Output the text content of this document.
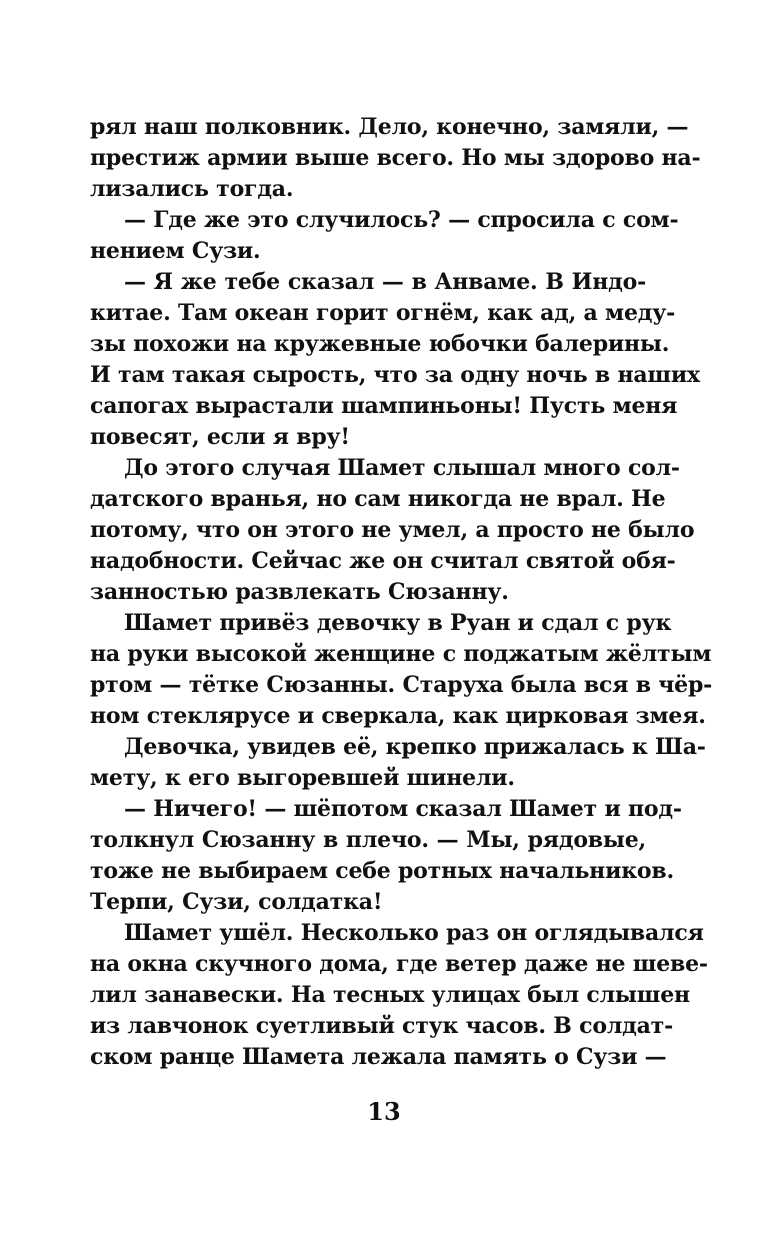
рял наш полковник. Дело, конечно, замяли, —
престиж армии выше всего. Но мы здорово на-
лизались тогда.
— Где же это случилось? — спросила с сом-
нением Сузи.
— Я же тебе сказал — в Анваме. В Индо-
китае. Там океан горит огнём, как ад, а меду-
зы похожи на кружевные юбочки балерины.
И там такая сырость, что за одну ночь в наших
сапогах вырастали шампиньоны! Пусть меня
повесят, если я вру!
До этого случая Шамет слышал много сол-
датского вранья, но сам никогда не врал. Не
потому, что он этого не умел, а просто не было
надобности. Сейчас же он считал святой обя-
занностью развлекать Сюзанну.
Шамет привёз девочку в Руан и сдал с рук
на руки высокой женщине с поджатым жёлтым
ртом — тётке Сюзанны. Старуха была вся в чёр-
ном стеклярусе и сверкала, как цирковая змея.
Девочка, увидев её, крепко прижалась к Ша-
мету, к его выгоревшей шинели.
— Ничего! — шёпотом сказал Шамет и под-
толкнул Сюзанну в плечо. — Мы, рядовые,
тоже не выбираем себе ротных начальников.
Терпи, Сузи, солдатка!
Шамет ушёл. Несколько раз он оглядывался
на окна скучного дома, где ветер даже не шеве-
лил занавески. На тесных улицах был слышен
из лавчонок суетливый стук часов. В солдат-
ском ранце Шамета лежала память о Сузи —
13
